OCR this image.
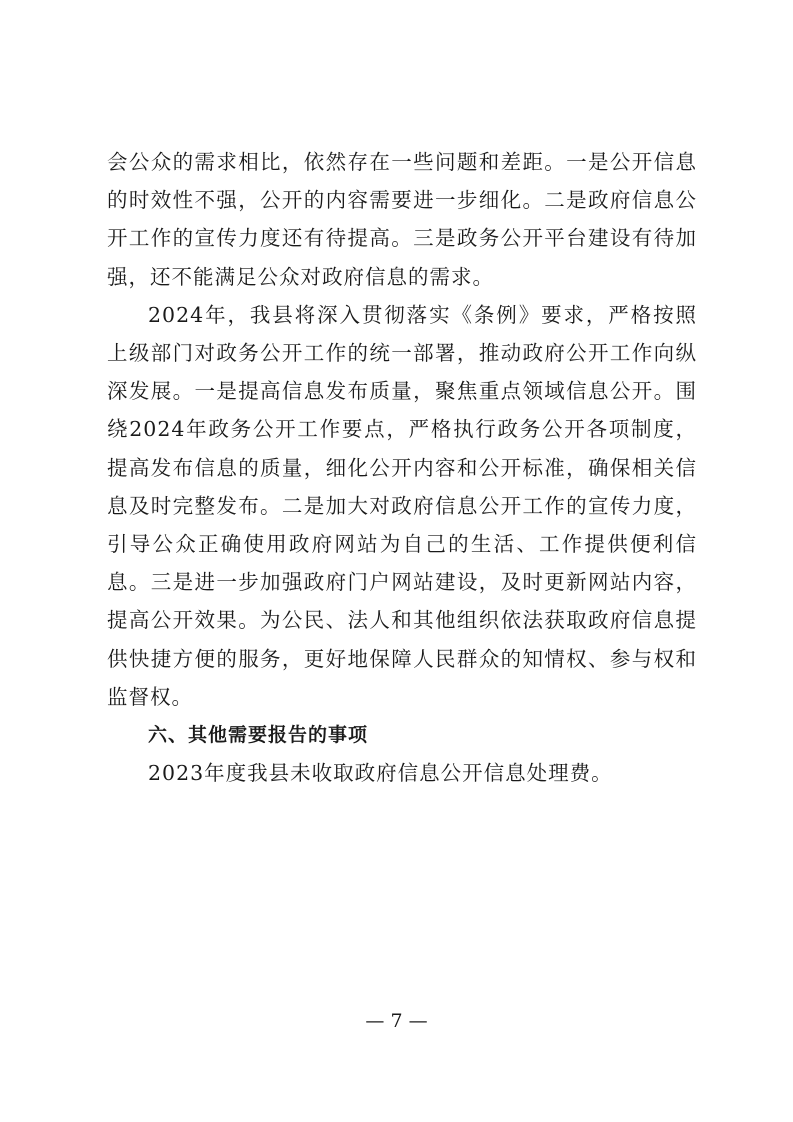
会公众的需求相比，依然存在一些问题和差距。一是公开信息的时效性不强，公开的内容需要进一步细化。二是政府信息公开工作的宣传力度还有待提高。三是政务公开平台建设有待加强，还不能满足公众对政府信息的需求。

2024年，我县将深入贯彻落实《条例》要求，严格按照上级部门对政务公开工作的统一部署，推动政府公开工作向纵深发展。一是提高信息发布质量，聚焦重点领域信息公开。围绕2024年政务公开工作要点，严格执行政务公开各项制度，提高发布信息的质量，细化公开内容和公开标准，确保相关信息及时完整发布。二是加大对政府信息公开工作的宣传力度，引导公众正确使用政府网站为自己的生活、工作提供便利信息。三是进一步加强政府门户网站建设，及时更新网站内容，提高公开效果。为公民、法人和其他组织依法获取政府信息提供快捷方便的服务，更好地保障人民群众的知情权、参与权和监督权。

六、其他需要报告的事项

2023年度我县未收取政府信息公开信息处理费。

— 7 —
